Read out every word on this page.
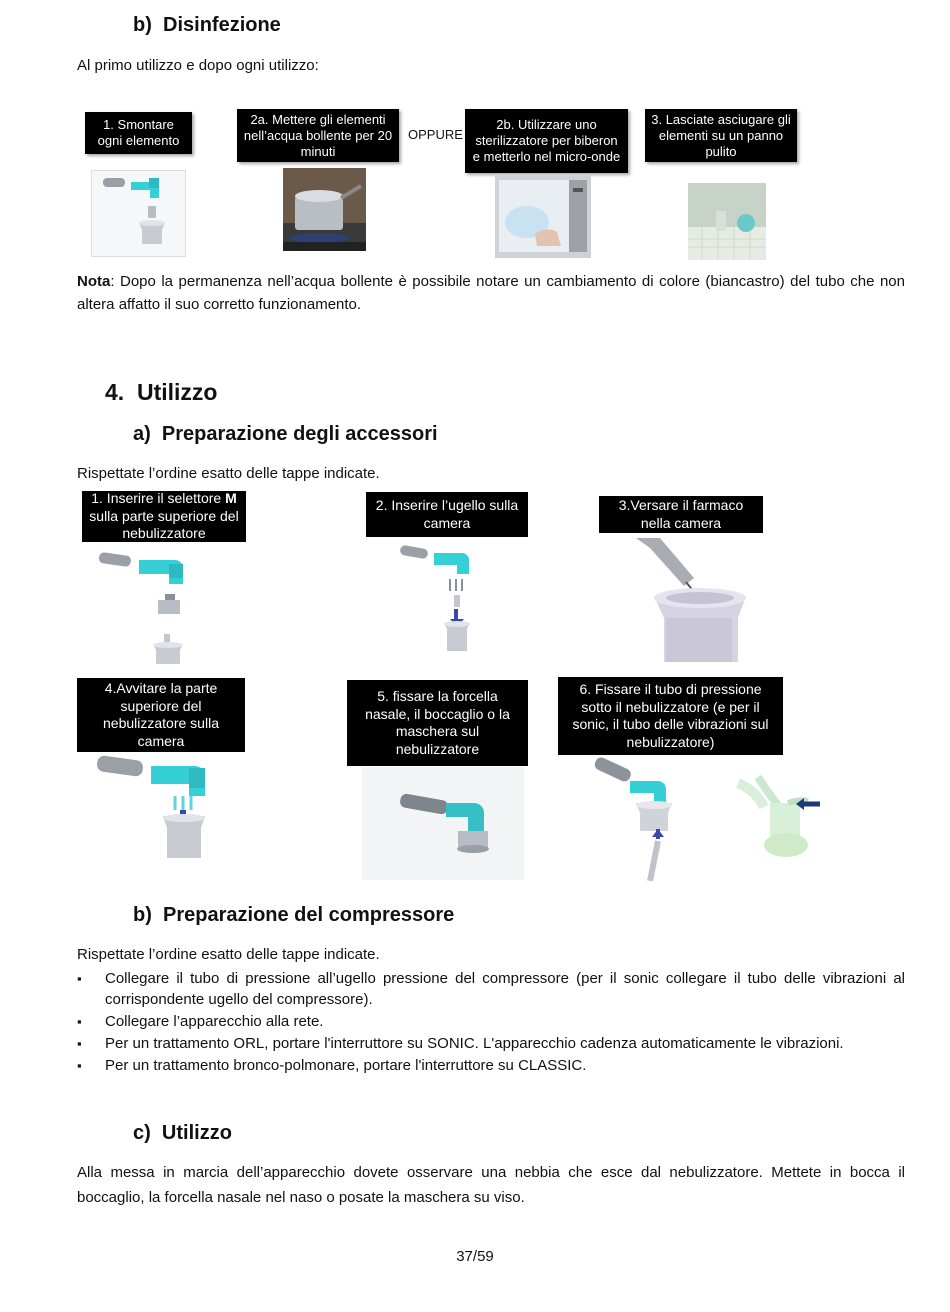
b) Disinfezione
Al primo utilizzo e dopo ogni utilizzo:
1. Smontare ogni elemento
2a. Mettere gli elementi nell’acqua bollente per 20 minuti
OPPURE
2b. Utilizzare uno sterilizzatore per biberon e metterlo nel micro-onde
3. Lasciate asciugare gli elementi su un panno pulito
Nota: Dopo la permanenza nell’acqua bollente è possibile notare un cambiamento di colore (biancastro) del tubo che non altera affatto il suo corretto funzionamento.
4. Utilizzo
a) Preparazione degli accessori
Rispettate l’ordine esatto delle tappe indicate.
1. Inserire il selettore M sulla parte superiore del nebulizzatore
2. Inserire l’ugello sulla camera
3.Versare il farmaco nella camera
4.Avvitare la parte superiore del nebulizzatore sulla camera
5. fissare la forcella nasale, il boccaglio o la maschera sul nebulizzatore
6. Fissare il tubo di pressione sotto il nebulizzatore (e per il sonic, il tubo delle vibrazioni sul nebulizzatore)
b) Preparazione del compressore
Rispettate l’ordine esatto delle tappe indicate.
▪ Collegare il tubo di pressione all’ugello pressione del compressore (per il sonic collegare il tubo delle vibrazioni al corrispondente ugello del compressore).
▪ Collegare l’apparecchio alla rete.
▪ Per un trattamento ORL, portare l'interruttore su SONIC. L'apparecchio cadenza automaticamente le vibrazioni.
▪ Per un trattamento bronco-polmonare, portare l'interruttore su CLASSIC.
c) Utilizzo
Alla messa in marcia dell’apparecchio dovete osservare una nebbia che esce dal nebulizzatore. Mettete in bocca il boccaglio, la forcella nasale nel naso o posate la maschera su viso.
37/59
